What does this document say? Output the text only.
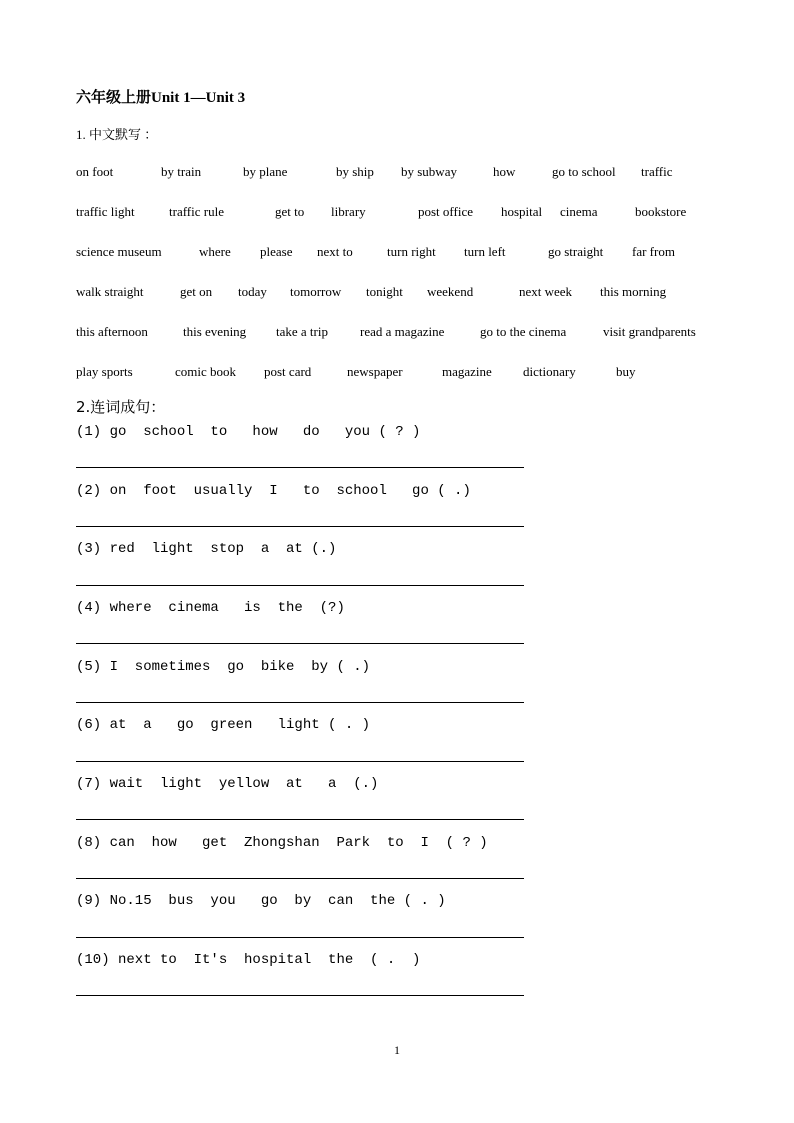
六年级上册Unit 1—Unit 3
1. 中文默写 ：
on foot	by train	by plane	by ship by subway	how	go to school traffic
traffic light	traffic rule	get to library	post office hospital cinema	bookstore
science museum	where please next to	turn right turn left	go straight far from
walk straight	get on today tomorrow tonight weekend	next week this morning
this afternoon	this evening take a trip read a magazine	go to the cinema	visit grandparents
play sports	comic book post card	newspaper	magazine dictionary	buy
2.连词成句：
(1) go  school  to   how   do   you ( ? )
(2) on  foot  usually  I   to  school   go ( .)
(3) red  light  stop  a  at (.)
(4) where  cinema   is  the  (?)
(5) I  sometimes  go  bike  by ( .)
(6) at  a   go  green   light ( . )
(7) wait  light  yellow  at   a  (.)
(8) can  how   get  Zhongshan  Park  to  I  ( ? )
(9) No.15  bus  you   go  by  can  the ( . )
(10) next to  It's  hospital  the  ( .  )
1
